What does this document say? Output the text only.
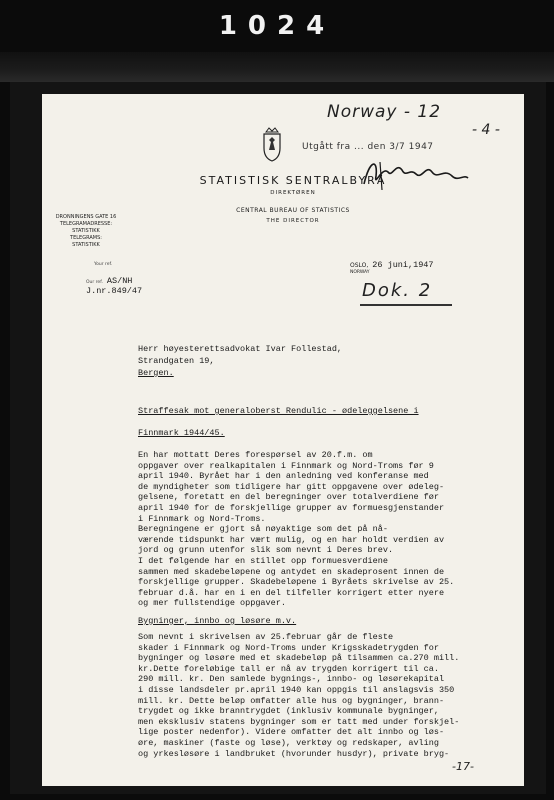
1024
Norway - 12
- 4 -
Utgått fra ... den 3/7 1947
STATISTISK SENTRALBYRÅ
DIREKTØREN
CENTRAL BUREAU OF STATISTICS
THE DIRECTOR
DRONNINGENS GATE 16
TELEGRAMADRESSE:
STATISTIKK
TELEGRAMS:
STATISTIKK
Your ref.
Our ref. AS/NH
J.nr.849/47
OSLO, 26 juni,1947
NORWAY
Dok. 2
Herr høyesterettsadvokat Ivar Follestad,
Strandgaten 19,
Bergen.
Straffesak mot generaloberst Rendulic - ødeleggelsene i
Finnmark 1944/45.
En har mottatt Deres forespørsel av 20.f.m. om
oppgaver over realkapitalen i Finnmark og Nord-Troms før 9
april 1940. Byrået har i den anledning ved konferanse med
de myndigheter som tidligere har gitt oppgavene over ødeleg-
gelsene, foretatt en del beregninger over totalverdiene før
april 1940 for de forskjellige grupper av formuesgjenstander
i Finnmark og Nord-Troms.
Beregningene er gjort så nøyaktige som det på nå-
værende tidspunkt har vært mulig, og en har holdt verdien av
jord og grunn utenfor slik som nevnt i Deres brev.
I det følgende har en stillet opp formuesverdiene
sammen med skadebeløpene og antydet en skadeprosent innen de
forskjellige grupper. Skadebeløpene i Byråets skrivelse av 25.
februar d.å. har en i en del tilfeller korrigert etter nyere
og mer fullstendige oppgaver.
Bygninger, innbo og løsøre m.v.
Som nevnt i skrivelsen av 25.februar går de fleste
skader i Finnmark og Nord-Troms under Krigsskadetrygden for
bygninger og løsøre med et skadebeløp på tilsammen ca.270 mill.
kr.Dette foreløbige tall er nå av trygden korrigert til ca.
290 mill. kr. Den samlede bygnings-, innbo- og løsørekapital
i disse landsdeler pr.april 1940 kan oppgis til anslagsvis 350
mill. kr. Dette beløp omfatter alle hus og bygninger, brann-
trygdet og ikke branntrygdet (inklusiv kommunale bygninger,
men eksklusiv statens bygninger som er tatt med under forskjel-
lige poster nedenfor). Videre omfatter det alt innbo og løs-
øre, maskiner (faste og løse), verktøy og redskaper, avling
og yrkesløsøre i landbruket (hvorunder husdyr), private bryg-
-17-
